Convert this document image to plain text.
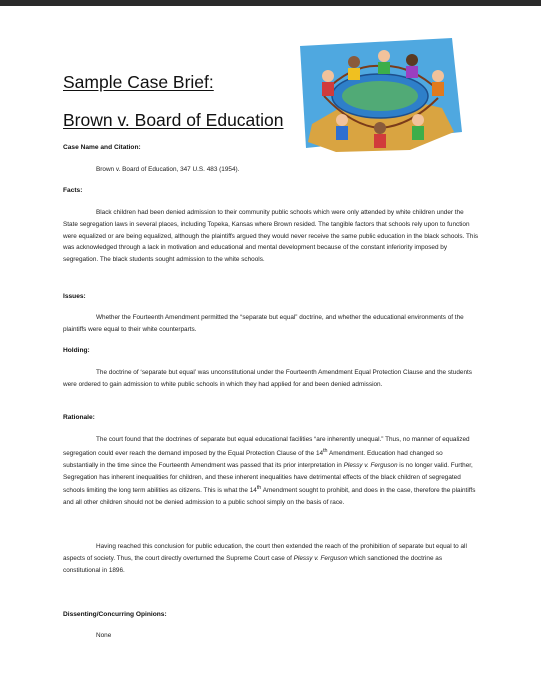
Sample Case Brief:
Brown v. Board of Education
Case Name and Citation:
Brown v. Board of Education, 347 U.S. 483 (1954).
Facts:

Black children had been denied admission to their community public schools which were only attended by white children under the State segregation laws in several places, including Topeka, Kansas where Brown resided. The tangible factors that schools rely upon to function were equalized or are being equalized, although the plaintiffs argued they would never receive the same public education in the black schools. This was acknowledged through a lack in motivation and educational and mental development because of the constant inferiority imposed by segregation. The black students sought admission to the white schools.

Issues:

Whether the Fourteenth Amendment permitted the “separate but equal” doctrine, and whether the educational environments of the plaintiffs were equal to their white counterparts.

Holding:

The doctrine of ‘separate but equal’ was unconstitutional under the Fourteenth Amendment Equal Protection Clause and the students were ordered to gain admission to white public schools in which they had applied for and been denied admission.

Rationale:

The court found that the doctrines of separate but equal educational facilities “are inherently unequal.” Thus, no manner of equalized segregation could ever reach the demand imposed by the Equal Protection Clause of the 14th Amendment. Education had changed so substantially in the time since the Fourteenth Amendment was passed that its prior interpretation in Plessy v. Ferguson is no longer valid. Further, Segregation has inherent inequalities for children, and these inherent inequalities have detrimental effects of the black children of segregated schools limiting the long term abilities as citizens. This is what the 14th Amendment sought to prohibit, and does in the case, therefore the plaintiffs and all other children should not be denied admission to a public school simply on the basis of race.

Having reached this conclusion for public education, the court then extended the reach of the prohibition of separate but equal to all aspects of society. Thus, the court directly overturned the Supreme Court case of Plessy v. Ferguson which sanctioned the doctrine as constitutional in 1896.

Dissenting/Concurring Opinions:
None
